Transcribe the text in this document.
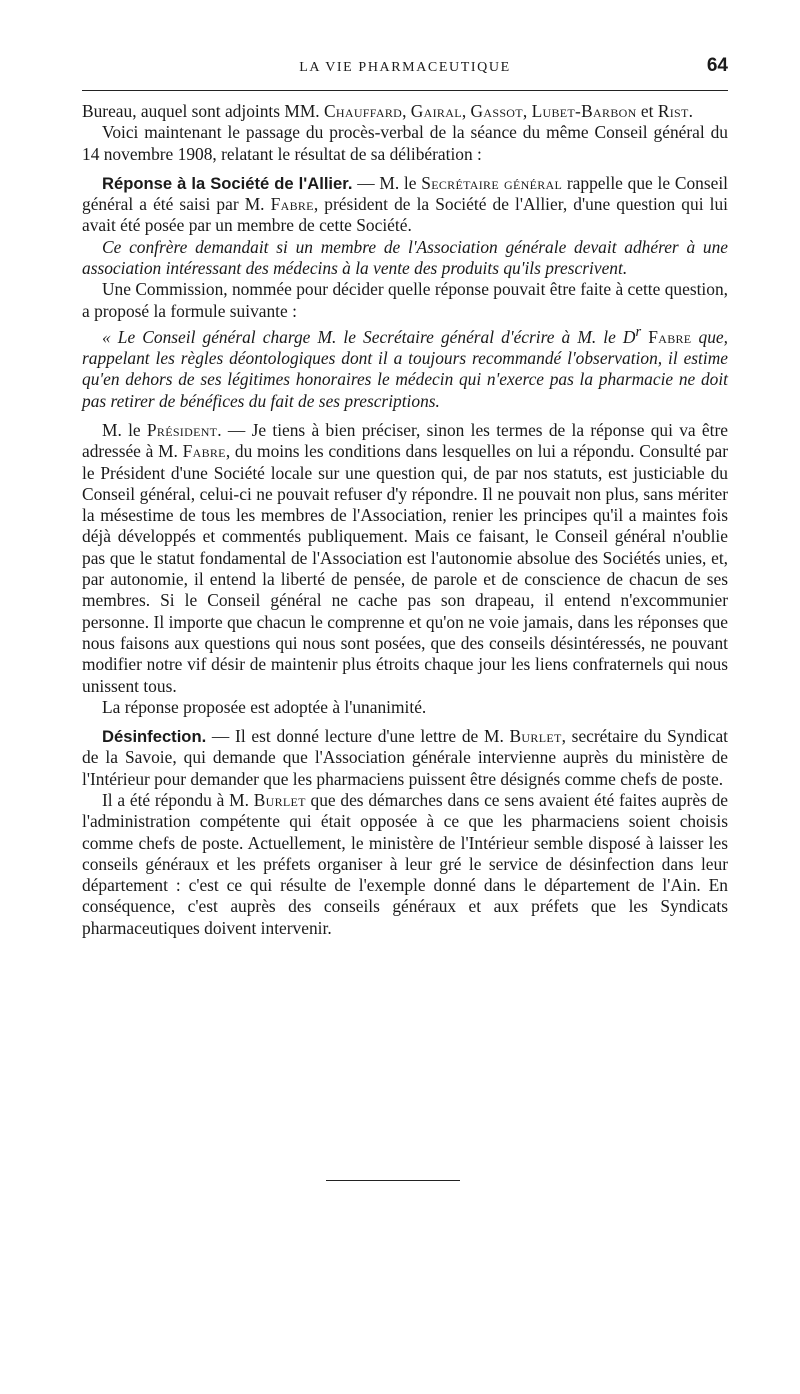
LA VIE PHARMACEUTIQUE	64

Bureau, auquel sont adjoints MM. Chauffard, Gairal, Gassot, Lubet-Barbon et Rist.

Voici maintenant le passage du procès-verbal de la séance du même Conseil général du 14 novembre 1908, relatant le résultat de sa délibération :

Réponse à la Société de l'Allier. — M. le Secrétaire général rappelle que le Conseil général a été saisi par M. Fabre, président de la Société de l'Allier, d'une question qui lui avait été posée par un membre de cette Société.

Ce confrère demandait si un membre de l'Association générale devait adhérer à une association intéressant des médecins à la vente des produits qu'ils prescrivent.

Une Commission, nommée pour décider quelle réponse pouvait être faite à cette question, a proposé la formule suivante :

« Le Conseil général charge M. le Secrétaire général d'écrire à M. le $D^r$ Fabre que, rappelant les règles déontologiques dont il a toujours recommandé l'observation, il estime qu'en dehors de ses légitimes honoraires le médecin qui n'exerce pas la pharmacie ne doit pas retirer de bénéfices du fait de ses prescriptions.

M. le Président. — Je tiens à bien préciser, sinon les termes de la réponse qui va être adressée à M. Fabre, du moins les conditions dans lesquelles on lui a répondu. Consulté par le Président d'une Société locale sur une question qui, de par nos statuts, est justiciable du Conseil général, celui-ci ne pouvait refuser d'y répondre. Il ne pouvait non plus, sans mériter la mésestime de tous les membres de l'Association, renier les principes qu'il a maintes fois déjà développés et commentés publiquement. Mais ce faisant, le Conseil général n'oublie pas que le statut fondamental de l'Association est l'autonomie absolue des Sociétés unies, et, par autonomie, il entend la liberté de pensée, de parole et de conscience de chacun de ses membres. Si le Conseil général ne cache pas son drapeau, il entend n'excommunier personne. Il importe que chacun le comprenne et qu'on ne voie jamais, dans les réponses que nous faisons aux questions qui nous sont posées, que des conseils désintéressés, ne pouvant modifier notre vif désir de maintenir plus étroits chaque jour les liens confraternels qui nous unissent tous.

La réponse proposée est adoptée à l'unanimité.

Désinfection. — Il est donné lecture d'une lettre de M. Burlet, secrétaire du Syndicat de la Savoie, qui demande que l'Association générale intervienne auprès du ministère de l'Intérieur pour demander que les pharmaciens puissent être désignés comme chefs de poste.

Il a été répondu à M. Burlet que des démarches dans ce sens avaient été faites auprès de l'administration compétente qui était opposée à ce que les pharmaciens soient choisis comme chefs de poste. Actuellement, le ministère de l'Intérieur semble disposé à laisser les conseils généraux et les préfets organiser à leur gré le service de désinfection dans leur département : c'est ce qui résulte de l'exemple donné dans le département de l'Ain. En conséquence, c'est auprès des conseils généraux et aux préfets que les Syndicats pharmaceutiques doivent intervenir.
